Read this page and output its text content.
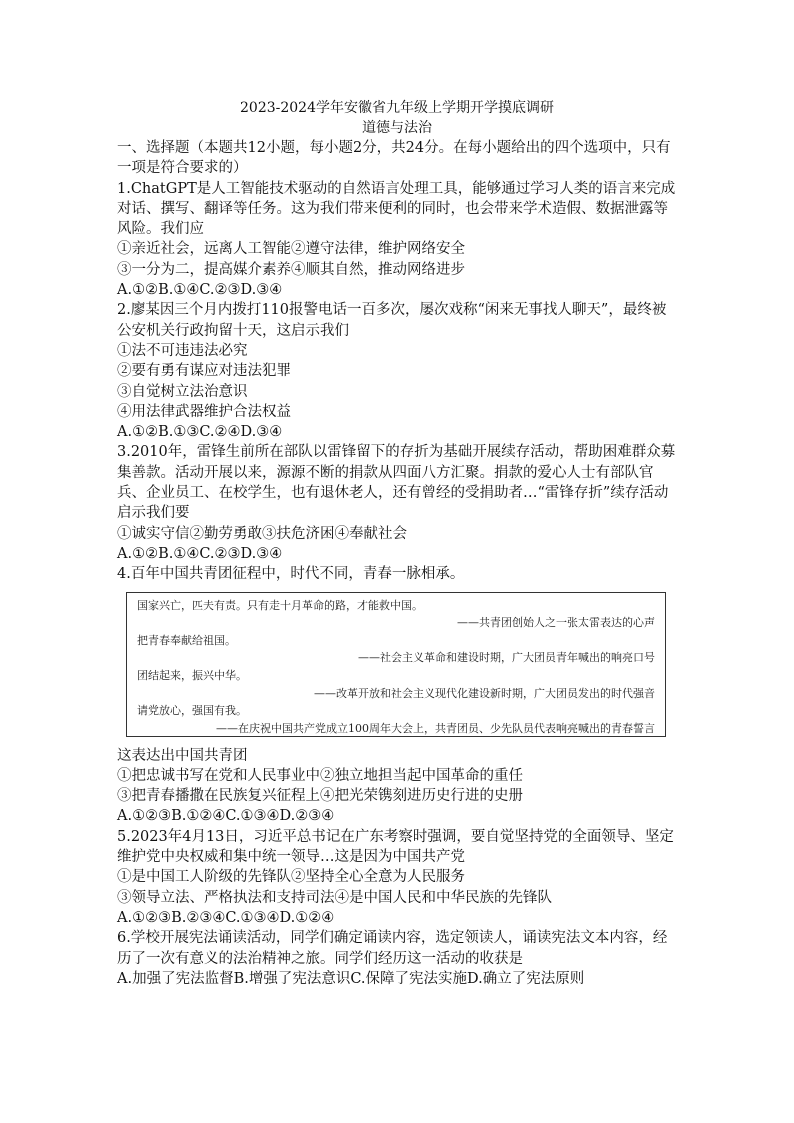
2023-2024学年安徽省九年级上学期开学摸底调研
道德与法治

一、选择题（本题共12小题，每小题2分，共24分。在每小题给出的四个选项中，只有一项是符合要求的）

1.ChatGPT是人工智能技术驱动的自然语言处理工具，能够通过学习人类的语言来完成对话、撰写、翻译等任务。这为我们带来便利的同时，也会带来学术造假、数据泄露等风险。我们应

①亲近社会，远离人工智能②遵守法律，维护网络安全

③一分为二，提高媒介素养④顺其自然，推动网络进步

A.①②B.①④C.②③D.③④

2.廖某因三个月内拨打110报警电话一百多次，屡次戏称“闲来无事找人聊天”，最终被公安机关行政拘留十天，这启示我们

①法不可违违法必究

②要有勇有谋应对违法犯罪

③自觉树立法治意识

④用法律武器维护合法权益

A.①②B.①③C.②④D.③④

3.2010年，雷锋生前所在部队以雷锋留下的存折为基础开展续存活动，帮助困难群众募集善款。活动开展以来，源源不断的捐款从四面八方汇聚。捐款的爱心人士有部队官兵、企业员工、在校学生，也有退休老人，还有曾经的受捐助者…“雷锋存折”续存活动启示我们要

①诚实守信②勤劳勇敢③扶危济困④奉献社会

A.①②B.①④C.②③D.③④

4.百年中国共青团征程中，时代不同，青春一脉相承。

国家兴亡，匹夫有责。只有走十月革命的路，才能救中国。
——共青团创始人之一张太雷表达的心声
把青春奉献给祖国。
——社会主义革命和建设时期，广大团员青年喊出的响亮口号
团结起来，振兴中华。
——改革开放和社会主义现代化建设新时期，广大团员发出的时代强音
请党放心，强国有我。
——在庆祝中国共产党成立100周年大会上，共青团员、少先队员代表响亮喊出的青春誓言

这表达出中国共青团

①把忠诚书写在党和人民事业中②独立地担当起中国革命的重任

③把青春播撒在民族复兴征程上④把光荣镌刻进历史行进的史册

A.①②③B.①②④C.①③④D.②③④

5.2023年4月13日，习近平总书记在广东考察时强调，要自觉坚持党的全面领导、坚定维护党中央权威和集中统一领导…这是因为中国共产党

①是中国工人阶级的先锋队②坚持全心全意为人民服务

③领导立法、严格执法和支持司法④是中国人民和中华民族的先锋队

A.①②③B.②③④C.①③④D.①②④

6.学校开展宪法诵读活动，同学们确定诵读内容，选定领读人，诵读宪法文本内容，经历了一次有意义的法治精神之旅。同学们经历这一活动的收获是

A.加强了宪法监督B.增强了宪法意识C.保障了宪法实施D.确立了宪法原则
